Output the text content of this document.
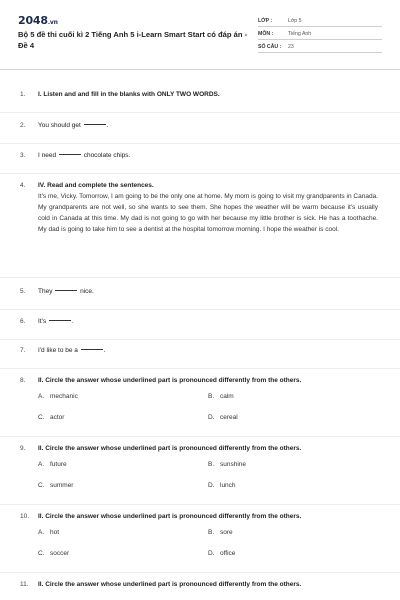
2048.vn
Bộ 5 đề thi cuối kì 2 Tiếng Anh 5 i-Learn Smart Start có đáp án - Đề 4
LỚP :	Lớp 5
MÔN :	Tiếng Anh
SỐ CÂU :	23
1.	I. Listen and and fill in the blanks with ONLY TWO WORDS.
2.	You should get	.
3.	I need	chocolate chips.
4.	IV. Read and complete the sentences.
It's me, Vicky. Tomorrow, I am going to be the only one at home. My mom is going to visit my grandparents in Canada. My grandparents are not well, so she wants to see them. She hopes the weather will be warm because it's usually cold in Canada at this time. My dad is not going to go with her because my little brother is sick. He has a toothache. My dad is going to take him to see a dentist at the hospital tomorrow morning. I hope the weather is cool.
5.	They	nice.
6.	It's	.
7.	I'd like to be a	.
8.	II. Circle the answer whose underlined part is pronounced differently from the others.
A. mechanic	B. calm
C. actor	D. cereal
9.	II. Circle the answer whose underlined part is pronounced differently from the others.
A. future	B. sunshine
C. summer	D. lunch
10.	II. Circle the answer whose underlined part is pronounced differently from the others.
A. hot	B. sore
C. soccer	D. office
11.	II. Circle the answer whose underlined part is pronounced differently from the others.
